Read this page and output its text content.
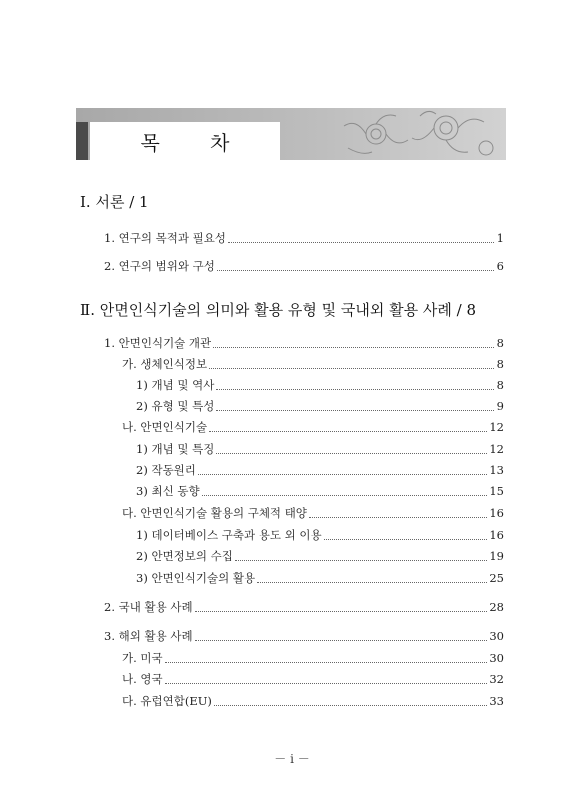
목 차
Ⅰ. 서론 / 1
1. 연구의 목적과 필요성	1
2. 연구의 범위와 구성	6
Ⅱ. 안면인식기술의 의미와 활용 유형 및 국내외 활용 사례 / 8
1. 안면인식기술 개관	8
가. 생체인식정보	8
1) 개념 및 역사	8
2) 유형 및 특성	9
나. 안면인식기술	12
1) 개념 및 특징	12
2) 작동원리	13
3) 최신 동향	15
다. 안면인식기술 활용의 구체적 태양	16
1) 데이터베이스 구축과 용도 외 이용	16
2) 안면정보의 수집	19
3) 안면인식기술의 활용	25
2. 국내 활용 사례	28
3. 해외 활용 사례	30
가. 미국	30
나. 영국	32
다. 유럽연합(EU)	33
－ i －
